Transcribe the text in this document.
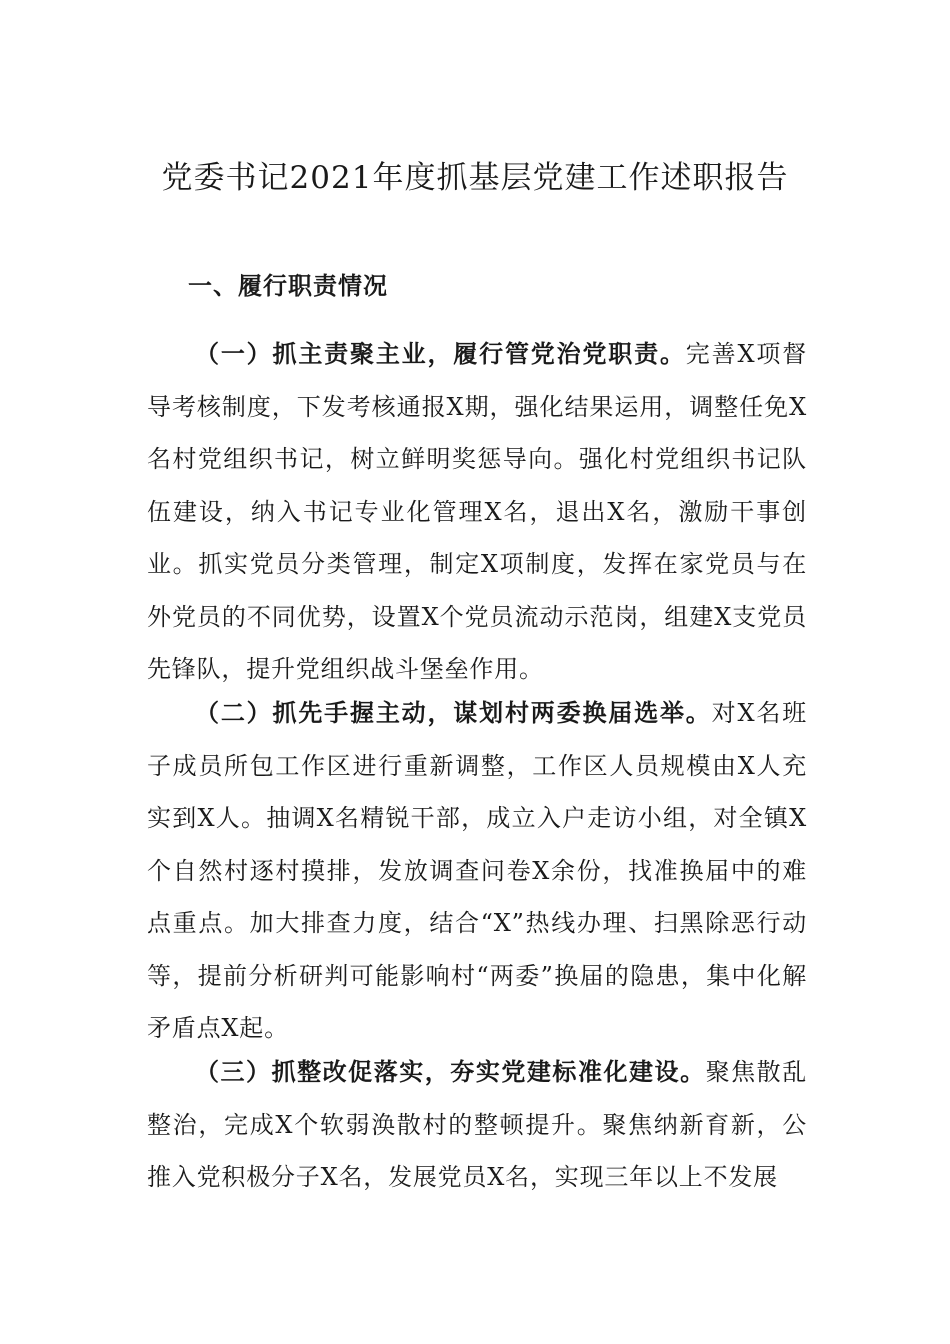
党委书记2021年度抓基层党建工作述职报告
一、履行职责情况

（一）抓主责聚主业，履行管党治党职责。完善X项督导考核制度，下发考核通报X期，强化结果运用，调整任免X名村党组织书记，树立鲜明奖惩导向。强化村党组织书记队伍建设，纳入书记专业化管理X名，退出X名，激励干事创业。抓实党员分类管理，制定X项制度，发挥在家党员与在外党员的不同优势，设置X个党员流动示范岗，组建X支党员先锋队，提升党组织战斗堡垒作用。

（二）抓先手握主动，谋划村两委换届选举。对X名班子成员所包工作区进行重新调整，工作区人员规模由X人充实到X人。抽调X名精锐干部，成立入户走访小组，对全镇X个自然村逐村摸排，发放调查问卷X余份，找准换届中的难点重点。加大排查力度，结合“X”热线办理、扫黑除恶行动等，提前分析研判可能影响村“两委”换届的隐患，集中化解矛盾点X起。

（三）抓整改促落实，夯实党建标准化建设。聚焦散乱整治，完成X个软弱涣散村的整顿提升。聚焦纳新育新，公推入党积极分子X名，发展党员X名，实现三年以上不发展
